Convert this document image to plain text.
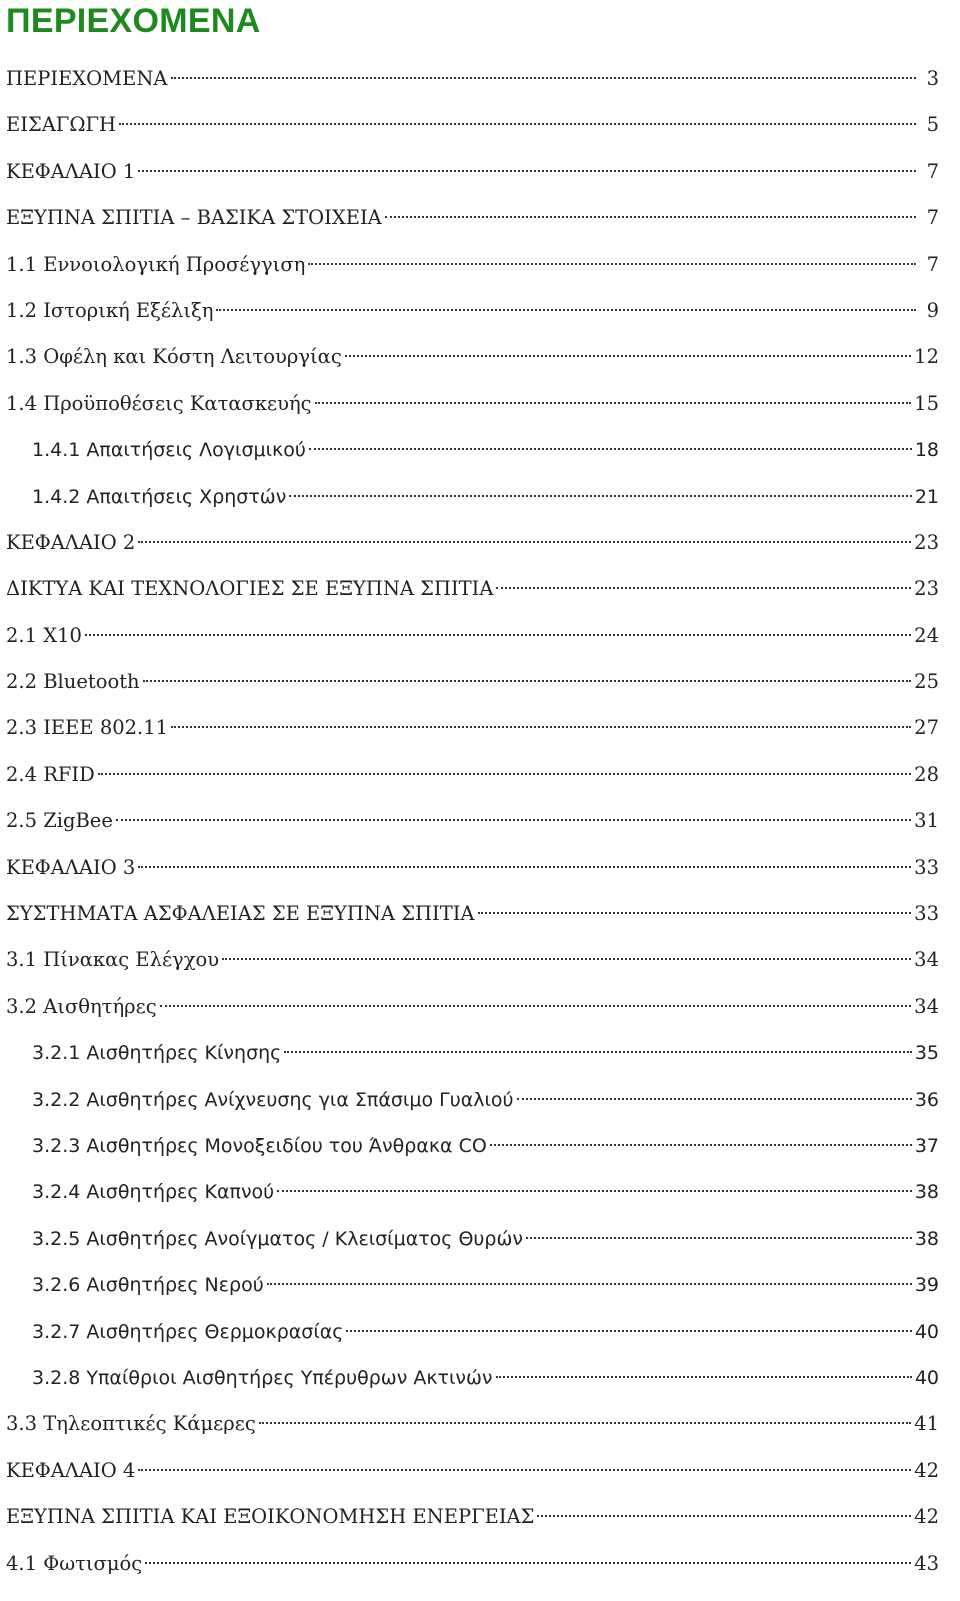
ΠΕΡΙΕΧΟΜΕΝΑ
ΠΕΡΙΕΧΟΜΕΝΑ	3
ΕΙΣΑΓΩΓΗ	5
ΚΕΦΑΛΑΙΟ 1	7
ΕΞΥΠΝΑ ΣΠΙΤΙΑ – ΒΑΣΙΚΑ ΣΤΟΙΧΕΙΑ	7
1.1 Εννοιολογική Προσέγγιση	7
1.2 Ιστορική Εξέλιξη	9
1.3 Οφέλη και Κόστη Λειτουργίας	12
1.4 Προϋποθέσεις Κατασκευής	15
1.4.1 Απαιτήσεις Λογισμικού	18
1.4.2 Απαιτήσεις Χρηστών	21
ΚΕΦΑΛΑΙΟ 2	23
ΔΙΚΤΥΑ ΚΑΙ ΤΕΧΝΟΛΟΓΙΕΣ ΣΕ ΕΞΥΠΝΑ ΣΠΙΤΙΑ	23
2.1 X10	24
2.2 Bluetooth	25
2.3 IEEE 802.11	27
2.4 RFID	28
2.5 ZigBee	31
ΚΕΦΑΛΑΙΟ 3	33
ΣΥΣΤΗΜΑΤΑ ΑΣΦΑΛΕΙΑΣ ΣΕ ΕΞΥΠΝΑ ΣΠΙΤΙΑ	33
3.1 Πίνακας Ελέγχου	34
3.2 Αισθητήρες	34
3.2.1 Αισθητήρες Κίνησης	35
3.2.2 Αισθητήρες Ανίχνευσης για Σπάσιμο Γυαλιού	36
3.2.3 Αισθητήρες Μονοξειδίου του Άνθρακα CO	37
3.2.4 Αισθητήρες Καπνού	38
3.2.5 Αισθητήρες Ανοίγματος / Κλεισίματος Θυρών	38
3.2.6 Αισθητήρες Νερού	39
3.2.7 Αισθητήρες Θερμοκρασίας	40
3.2.8 Υπαίθριοι Αισθητήρες Υπέρυθρων Ακτινών	40
3.3 Τηλεοπτικές Κάμερες	41
ΚΕΦΑΛΑΙΟ 4	42
ΕΞΥΠΝΑ ΣΠΙΤΙΑ ΚΑΙ ΕΞΟΙΚΟΝΟΜΗΣΗ ΕΝΕΡΓΕΙΑΣ	42
4.1 Φωτισμός	43
